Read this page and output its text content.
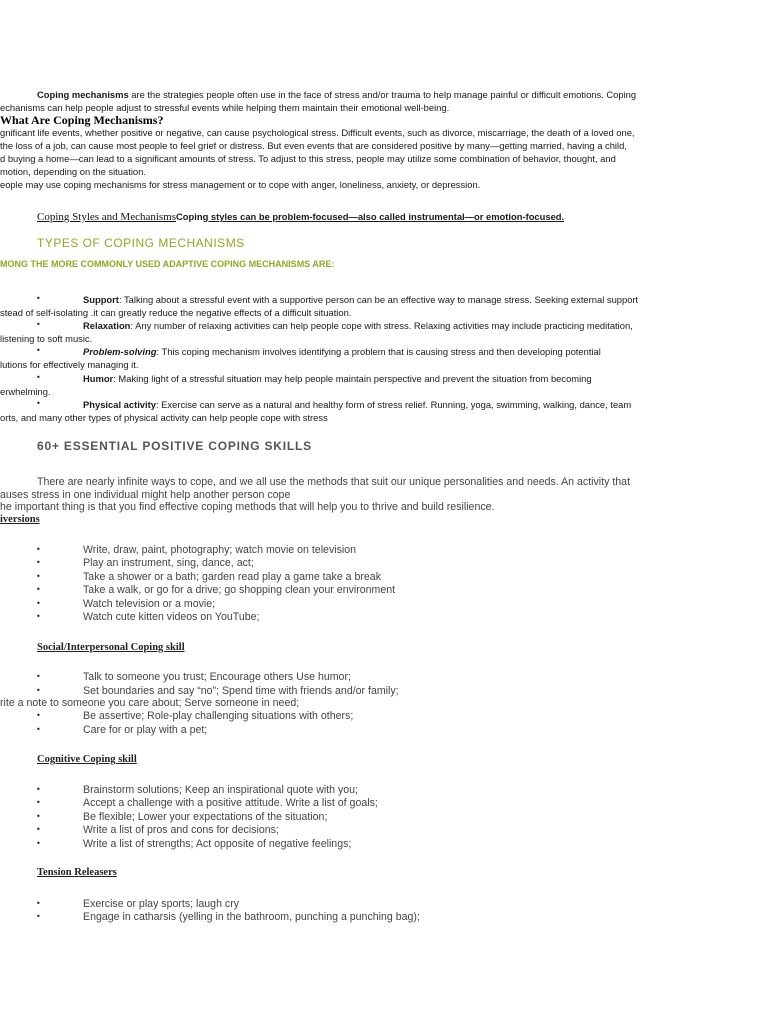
Coping mechanisms are the strategies people often use in the face of stress and/or trauma to help manage painful or difficult emotions. Coping
echanisms can help people adjust to stressful events while helping them maintain their emotional well-being.
What Are Coping Mechanisms?
gnificant life events, whether positive or negative, can cause psychological stress. Difficult events, such as divorce, miscarriage, the death of a loved one,
the loss of a job, can cause most people to feel grief or distress. But even events that are considered positive by many—getting married, having a child,
d buying a home—can lead to a significant amounts of stress. To adjust to this stress, people may utilize some combination of behavior, thought, and
motion, depending on the situation.
eople may use coping mechanisms for stress management or to cope with anger, loneliness, anxiety, or depression.
Coping Styles and MechanismsCoping styles can be problem-focused—also called instrumental—or emotion-focused.
TYPES OF COPING MECHANISMS
MONG THE MORE COMMONLY USED ADAPTIVE COPING MECHANISMS ARE:
•	Support: Talking about a stressful event with a supportive person can be an effective way to manage stress. Seeking external support
stead of self-isolating .it can greatly reduce the negative effects of a difficult situation.
•	Relaxation: Any number of relaxing activities can help people cope with stress. Relaxing activities may include practicing meditation,
listening to soft music.
•	Problem-solving: This coping mechanism involves identifying a problem that is causing stress and then developing potential
lutions for effectively managing it.
•	Humor: Making light of a stressful situation may help people maintain perspective and prevent the situation from becoming
erwhelming.
•	Physical activity: Exercise can serve as a natural and healthy form of stress relief. Running, yoga, swimming, walking, dance, team
orts, and many other types of physical activity can help people cope with stress
60+ ESSENTIAL POSITIVE COPING SKILLS
There are nearly infinite ways to cope, and we all use the methods that suit our unique personalities and needs. An activity that
auses stress in one individual might help another person cope
he important thing is that you find effective coping methods that will help you to thrive and build resilience.
iversions
•	Write, draw, paint, photography; watch movie on television
•	Play an instrument, sing, dance, act;
•	Take a shower or a bath; garden read play a game take a break
•	Take a walk, or go for a drive; go shopping clean your environment
•	Watch television or a movie;
•	Watch cute kitten videos on YouTube;
Social/Interpersonal Coping skill
•	Talk to someone you trust; Encourage others Use humor;
•	Set boundaries and say “no”; Spend time with friends and/or family;
rite a note to someone you care about; Serve someone in need;
•	Be assertive; Role-play challenging situations with others;
•	Care for or play with a pet;
Cognitive Coping skill
•	Brainstorm solutions; Keep an inspirational quote with you;
•	Accept a challenge with a positive attitude. Write a list of goals;
•	Be flexible; Lower your expectations of the situation;
•	Write a list of pros and cons for decisions;
•	Write a list of strengths; Act opposite of negative feelings;
Tension Releasers
•	Exercise or play sports; laugh cry
•	Engage in catharsis (yelling in the bathroom, punching a punching bag);
